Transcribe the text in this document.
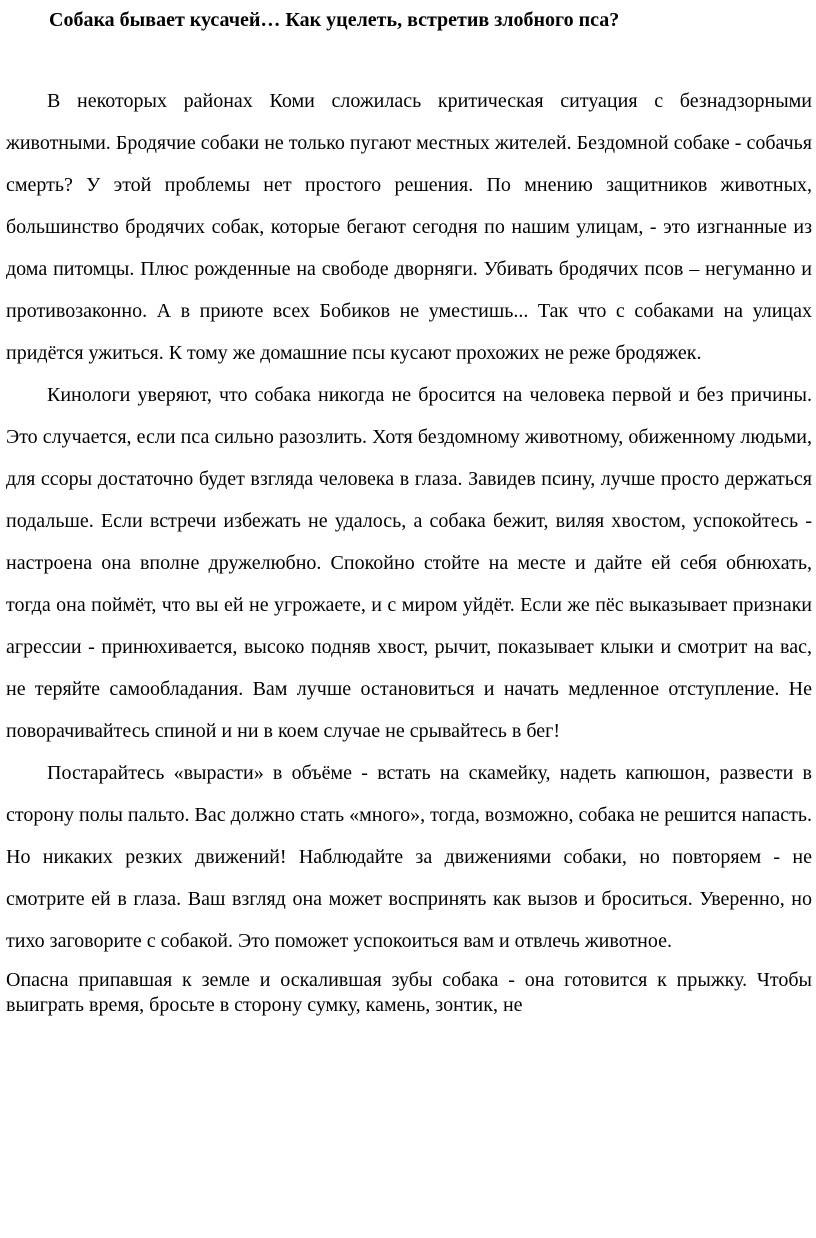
Собака бывает кусачей… Как уцелеть, встретив злобного пса?

В некоторых районах Коми сложилась критическая ситуация с безнадзорными животными. Бродячие собаки не только пугают местных жителей. Бездомной собаке - собачья смерть? У этой проблемы нет простого решения. По мнению защитников животных, большинство бродячих собак, которые бегают сегодня по нашим улицам, - это изгнанные из дома питомцы. Плюс рожденные на свободе дворняги. Убивать бродячих псов – негуманно и противозаконно. А в приюте всех Бобиков не уместишь... Так что с собаками на улицах придётся ужиться. К тому же домашние псы кусают прохожих не реже бродяжек.

Кинологи уверяют, что собака никогда не бросится на человека первой и без причины. Это случается, если пса сильно разозлить. Хотя бездомному животному, обиженному людьми, для ссоры достаточно будет взгляда человека в глаза. Завидев псину, лучше просто держаться подальше. Если встречи избежать не удалось, а собака бежит, виляя хвостом, успокойтесь - настроена она вполне дружелюбно. Спокойно стойте на месте и дайте ей себя обнюхать, тогда она поймёт, что вы ей не угрожаете, и с миром уйдёт. Если же пёс выказывает признаки агрессии - принюхивается, высоко подняв хвост, рычит, показывает клыки и смотрит на вас, не теряйте самообладания. Вам лучше остановиться и начать медленное отступление. Не поворачивайтесь спиной и ни в коем случае не срывайтесь в бег!

Постарайтесь «вырасти» в объёме - встать на скамейку, надеть капюшон, развести в сторону полы пальто. Вас должно стать «много», тогда, возможно, собака не решится напасть. Но никаких резких движений! Наблюдайте за движениями собаки, но повторяем - не смотрите ей в глаза. Ваш взгляд она может воспринять как вызов и броситься. Уверенно, но тихо заговорите с собакой. Это поможет успокоиться вам и отвлечь животное.

Опасна припавшая к земле и оскалившая зубы собака - она готовится к прыжку. Чтобы выиграть время, бросьте в сторону сумку, камень, зонтик, не
